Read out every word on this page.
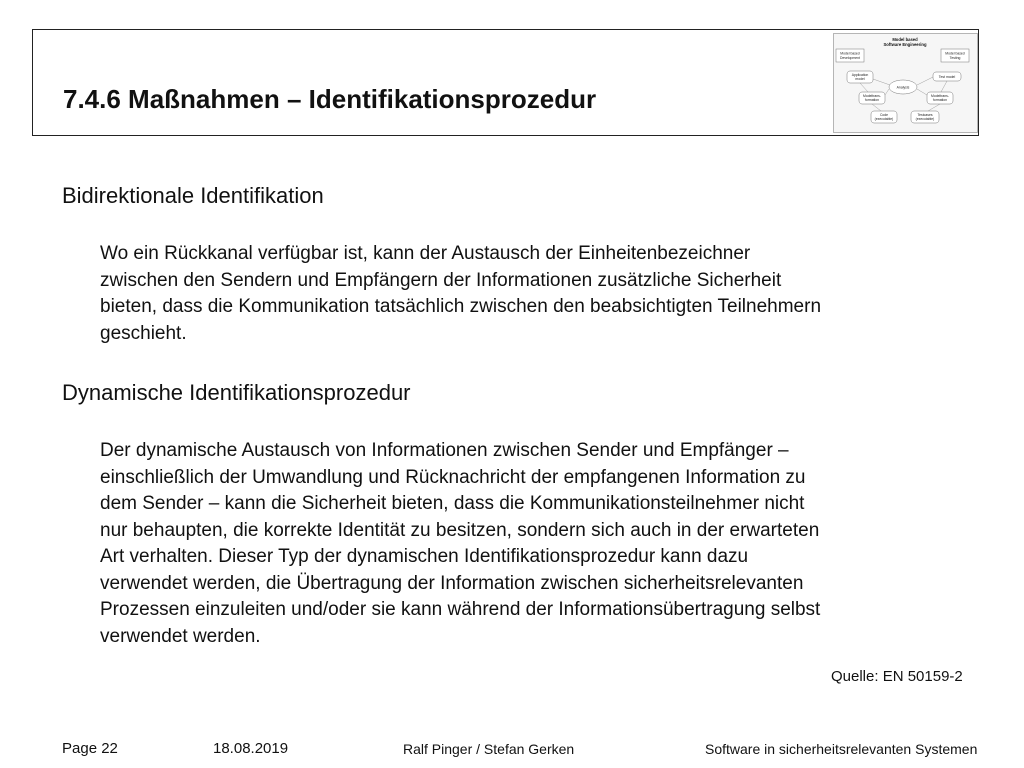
7.4.6 Maßnahmen – Identifikationsprozedur
Model based
Software Engineering
Model based
Development
Model based
Testing
Application
model	Test model
Analysis
Modeltrans-
formation
Modeltrans-
formation
Code
(executable)
Testcases
(executable)
Bidirektionale Identifikation
Wo ein Rückkanal verfügbar ist, kann der Austausch der Einheitenbezeichner
zwischen den Sendern und Empfängern der Informationen zusätzliche Sicherheit
bieten, dass die Kommunikation tatsächlich zwischen den beabsichtigten Teilnehmern
geschieht.
Dynamische Identifikationsprozedur
Der dynamische Austausch von Informationen zwischen Sender und Empfänger –
einschließlich der Umwandlung und Rücknachricht der empfangenen Information zu
dem Sender – kann die Sicherheit bieten, dass die Kommunikationsteilnehmer nicht
nur behaupten, die korrekte Identität zu besitzen, sondern sich auch in der erwarteten
Art verhalten. Dieser Typ der dynamischen Identifikationsprozedur kann dazu
verwendet werden, die Übertragung der Information zwischen sicherheitsrelevanten
Prozessen einzuleiten und/oder sie kann während der Informationsübertragung selbst
verwendet werden.
Quelle: EN 50159-2
Page 22	18.08.2019	Ralf Pinger / Stefan Gerken	Software in sicherheitsrelevanten Systemen
